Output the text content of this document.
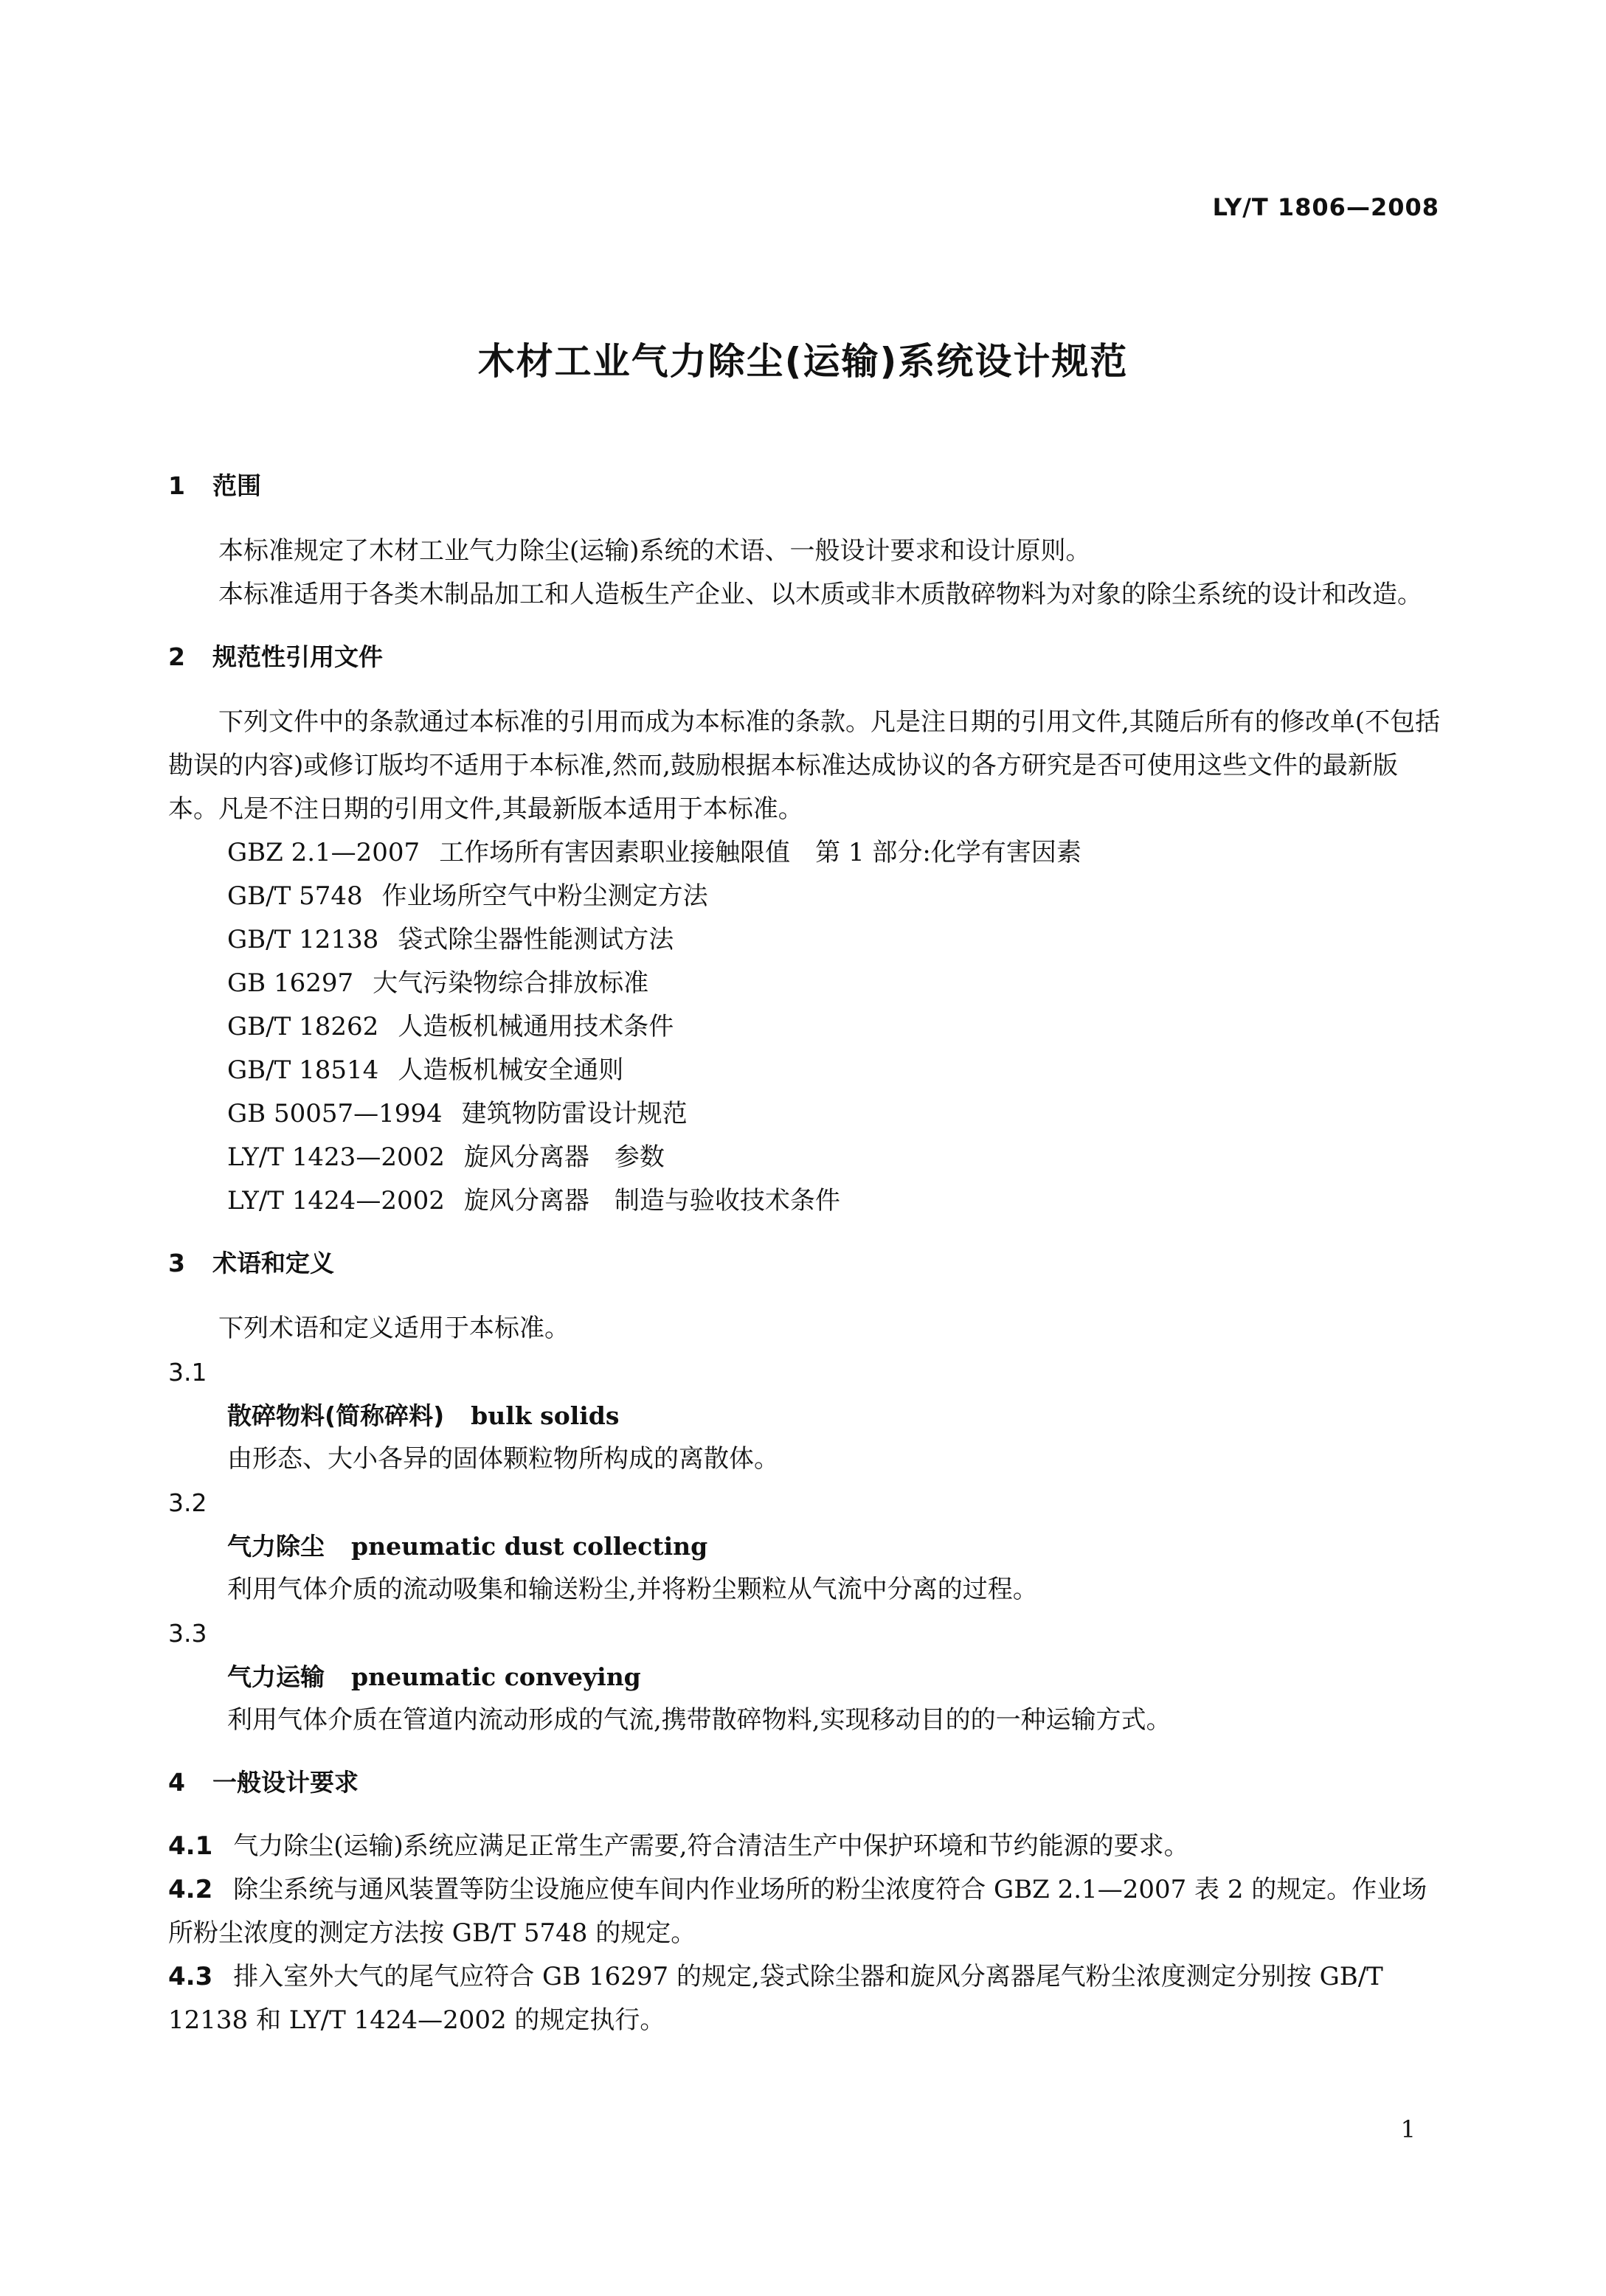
LY/T 1806—2008
木材工业气力除尘(运输)系统设计规范
1 范围

本标准规定了木材工业气力除尘(运输)系统的术语、一般设计要求和设计原则。

本标准适用于各类木制品加工和人造板生产企业、以木质或非木质散碎物料为对象的除尘系统的设计和改造。

2 规范性引用文件

下列文件中的条款通过本标准的引用而成为本标准的条款。凡是注日期的引用文件,其随后所有的修改单(不包括勘误的内容)或修订版均不适用于本标准,然而,鼓励根据本标准达成协议的各方研究是否可使用这些文件的最新版本。凡是不注日期的引用文件,其最新版本适用于本标准。

GBZ 2.1—2007 工作场所有害因素职业接触限值　第 1 部分:化学有害因素
GB/T 5748 作业场所空气中粉尘测定方法
GB/T 12138 袋式除尘器性能测试方法
GB 16297 大气污染物综合排放标准
GB/T 18262 人造板机械通用技术条件
GB/T 18514 人造板机械安全通则
GB 50057—1994 建筑物防雷设计规范
LY/T 1423—2002 旋风分离器　参数
LY/T 1424—2002 旋风分离器　制造与验收技术条件
3 术语和定义

下列术语和定义适用于本标准。

3.1
散碎物料(简称碎料) bulk solids
由形态、大小各异的固体颗粒物所构成的离散体。
3.2
气力除尘 pneumatic dust collecting
利用气体介质的流动吸集和输送粉尘,并将粉尘颗粒从气流中分离的过程。
3.3
气力运输 pneumatic conveying
利用气体介质在管道内流动形成的气流,携带散碎物料,实现移动目的的一种运输方式。
4 一般设计要求

4.1 气力除尘(运输)系统应满足正常生产需要,符合清洁生产中保护环境和节约能源的要求。

4.2 除尘系统与通风装置等防尘设施应使车间内作业场所的粉尘浓度符合 GBZ 2.1—2007 表 2 的规定。作业场所粉尘浓度的测定方法按 GB/T 5748 的规定。

4.3 排入室外大气的尾气应符合 GB 16297 的规定,袋式除尘器和旋风分离器尾气粉尘浓度测定分别按 GB/T 12138 和 LY/T 1424—2002 的规定执行。

1
